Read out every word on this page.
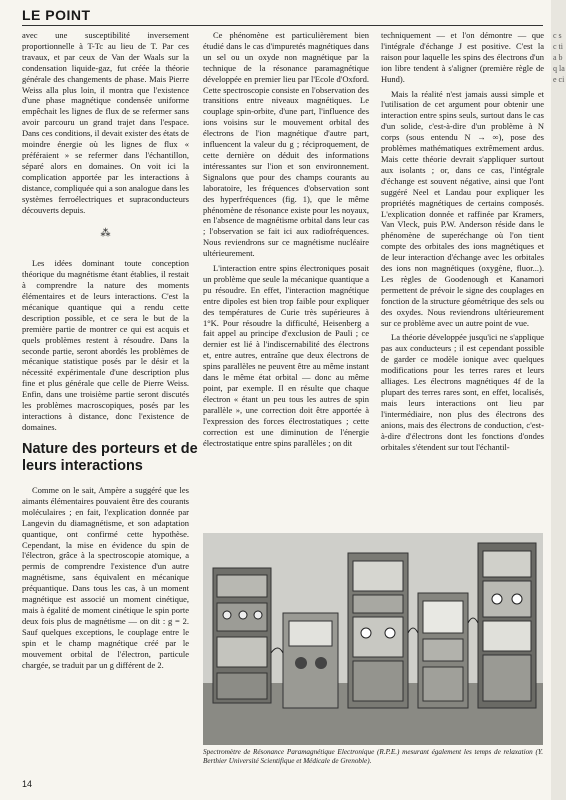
LE POINT

avec une susceptibilité inversement proportionnelle à T-Tc au lieu de T. Par ces travaux, et par ceux de Van der Waals sur la condensation liquide-gaz, fut créée la théorie générale des changements de phase. Mais Pierre Weiss alla plus loin, il montra que l'existence d'une phase magnétique condensée uniforme empêchait les lignes de flux de se refermer sans avoir parcouru un grand trajet dans l'espace. Dans ces conditions, il devait exister des états de moindre énergie où les lignes de flux « préféraient » se refermer dans l'échantillon, séparé alors en domaines. On voit ici la complication apportée par les interactions à distance, compliquée qui a son analogue dans les systèmes ferroélectriques et supraconducteurs découverts depuis.

⁂

Les idées dominant toute conception théorique du magnétisme étant établies, il restait à comprendre la nature des moments élémentaires et de leurs interactions. C'est la mécanique quantique qui a rendu cette description possible, et ce sera le but de la première partie de montrer ce qui est acquis et quels problèmes restent à résoudre. Dans la seconde partie, seront abordés les problèmes de mécanique statistique posés par le désir et la nécessité expérimentale d'une description plus fine et plus générale que celle de Pierre Weiss. Enfin, dans une troisième partie seront discutés les problèmes macroscopiques, posés par les interactions à distance, donc l'existence de domaines.

Nature des porteurs et de leurs interactions

Comme on le sait, Ampère a suggéré que les aimants élémentaires pouvaient être des courants moléculaires ; en fait, l'explication donnée par Langevin du diamagnétisme, et son adaptation quantique, ont confirmé cette hypothèse. Cependant, la mise en évidence du spin de l'électron, grâce à la spectroscopie atomique, a permis de comprendre l'existence d'un autre magnétisme, sans équivalent en mécanique préquantique. Dans tous les cas, à un moment magnétique est associé un moment cinétique, mais à égalité de moment cinétique le spin porte deux fois plus de magnétisme — on dit : g = 2. Sauf quelques exceptions, le couplage entre le spin et le champ magnétique créé par le mouvement orbital de l'électron, particule chargée, se traduit par un g différent de 2.

Ce phénomène est particulièrement bien étudié dans le cas d'impuretés magnétiques dans un sel ou un oxyde non magnétique par la technique de la résonance paramagnétique développée en premier lieu par l'Ecole d'Oxford. Cette spectroscopie consiste en l'observation des transitions entre niveaux magnétiques. Le couplage spin-orbite, d'une part, l'influence des ions voisins sur le mouvement orbital des électrons de l'ion magnétique d'autre part, influencent la valeur du g ; réciproquement, de cette dernière on déduit des informations intéressantes sur l'ion et son environnement. Signalons que pour des champs courants au laboratoire, les fréquences d'observation sont des hyperfréquences (fig. 1), que le même phénomène de résonance existe pour les noyaux, en l'absence de magnétisme orbital dans leur cas ; l'observation se fait ici aux radiofréquences. Nous reviendrons sur ce magnétisme nucléaire ultérieurement.

L'interaction entre spins électroniques posait un problème que seule la mécanique quantique a pu résoudre. En effet, l'interaction magnétique entre dipoles est bien trop faible pour expliquer des températures de Curie très supérieures à 1°K. Pour résoudre la difficulté, Heisenberg a fait appel au principe d'exclusion de Pauli ; ce dernier est lié à l'indiscernabilité des électrons et, entre autres, entraîne que deux électrons de spins parallèles ne peuvent être au même instant dans le même état orbital — donc au même point, par exemple. Il en résulte que chaque électron « étant un peu tous les autres de spin parallèle », une correction doit être apportée à l'expression des forces électrostatiques ; cette correction est une diminution de l'énergie électrostatique entre spins parallèles ; on dit

techniquement — et l'on démontre — que l'intégrale d'échange J est positive. C'est la raison pour laquelle les spins des électrons d'un ion libre tendent à s'aligner (première règle de Hund).

Mais la réalité n'est jamais aussi simple et l'utilisation de cet argument pour obtenir une interaction entre spins seuls, surtout dans le cas d'un solide, c'est-à-dire d'un problème à N corps (sous entendu N → ∞), pose des problèmes mathématiques extrêmement ardus. Mais cette théorie devrait s'appliquer surtout aux isolants ; or, dans ce cas, l'intégrale d'échange est souvent négative, ainsi que l'ont suggéré Neel et Landau pour expliquer les propriétés magnétiques de certains composés. L'explication donnée et raffinée par Kramers, Van Vleck, puis P.W. Anderson réside dans le phénomène de superéchange où l'on tient compte des orbitales des ions magnétiques et de leur interaction d'échange avec les orbitales des ions non magnétiques (oxygène, fluor...). Les règles de Goodenough et Kanamori permettent de prévoir le signe des couplages en fonction de la structure géométrique des sels ou des oxydes. Nous reviendrons ultérieurement sur ce problème avec un autre point de vue.

La théorie développée jusqu'ici ne s'applique pas aux conducteurs ; il est cependant possible de garder ce modèle ionique avec quelques modifications pour les terres rares et leurs alliages. Les électrons magnétiques 4f de la plupart des terres rares sont, en effet, localisés, mais leurs interactions ont lieu par l'intermédiaire, non plus des électrons des anions, mais des électrons de conduction, c'est-à-dire d'électrons dont les fonctions d'ondes orbitales s'étendent sur tout l'échantil-

Spectromètre de Résonance Paramagnétique Electronique (R.P.E.) mesurant également les temps de relaxation (Y. Berthier Université Scientifique et Médicale de Grenoble).
14
c s c ti a b q la e ci
